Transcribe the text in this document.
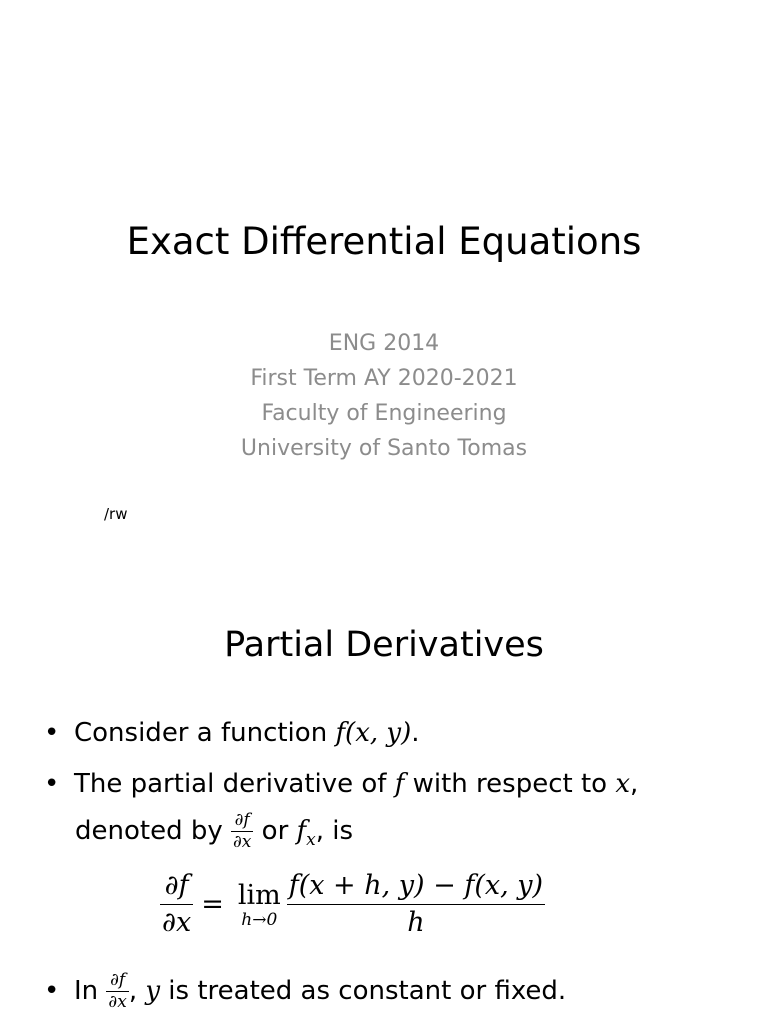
Exact Differential Equations
ENG 2014
First Term AY 2020-2021
Faculty of Engineering
University of Santo Tomas
/rw
Partial Derivatives
• Consider a function f(x, y).
• The partial derivative of f with respect to x,
denoted by $\frac{\partial f}{\partial x}$ or $f_x$, is
$\frac{\partial f}{\partial x} = \lim$
$h\to 0 \frac{f(x + h, y) - f(x, y)}{h}$
• In $\frac{\partial f}{\partial x}$ , y is treated as constant or fixed.
